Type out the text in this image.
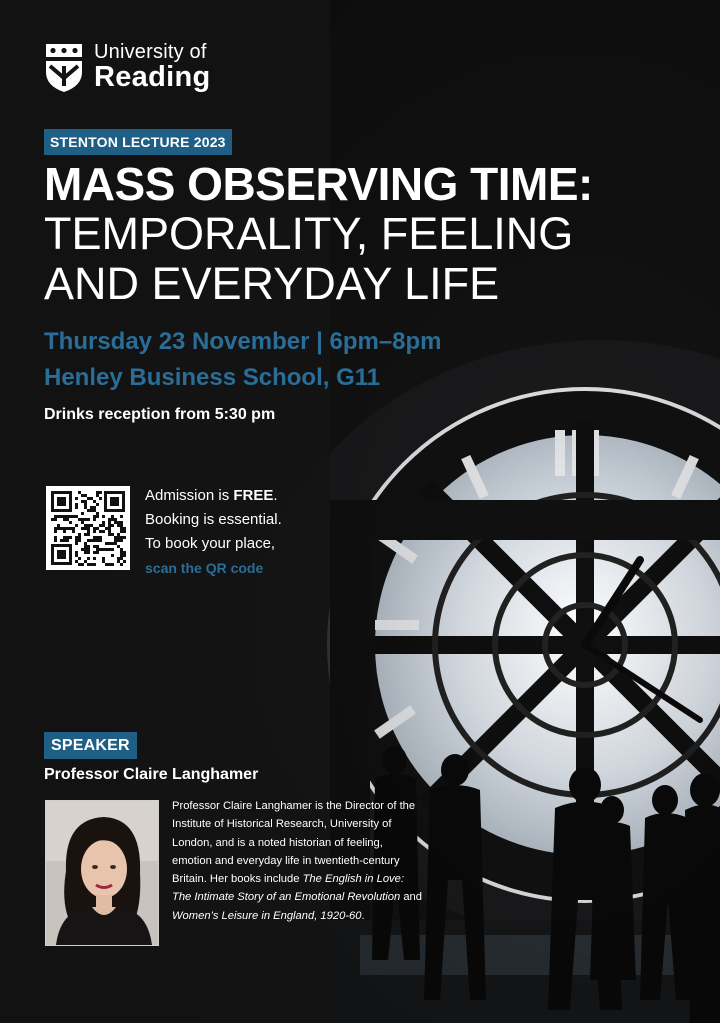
University of
Reading
STENTON LECTURE 2023
MASS OBSERVING TIME:
TEMPORALITY, FEELING
AND EVERYDAY LIFE
Thursday 23 November | 6pm–8pm
Henley Business School, G11
Drinks reception from 5:30 pm
Admission is FREE.
Booking is essential.
To book your place,
scan the QR code
SPEAKER
Professor Claire Langhamer
Professor Claire Langhamer is the Director of the Institute of Historical Research, University of London, and is a noted historian of feeling, emotion and everyday life in twentieth-century Britain. Her books include The English in Love: The Intimate Story of an Emotional Revolution and Women’s Leisure in England, 1920-60.
